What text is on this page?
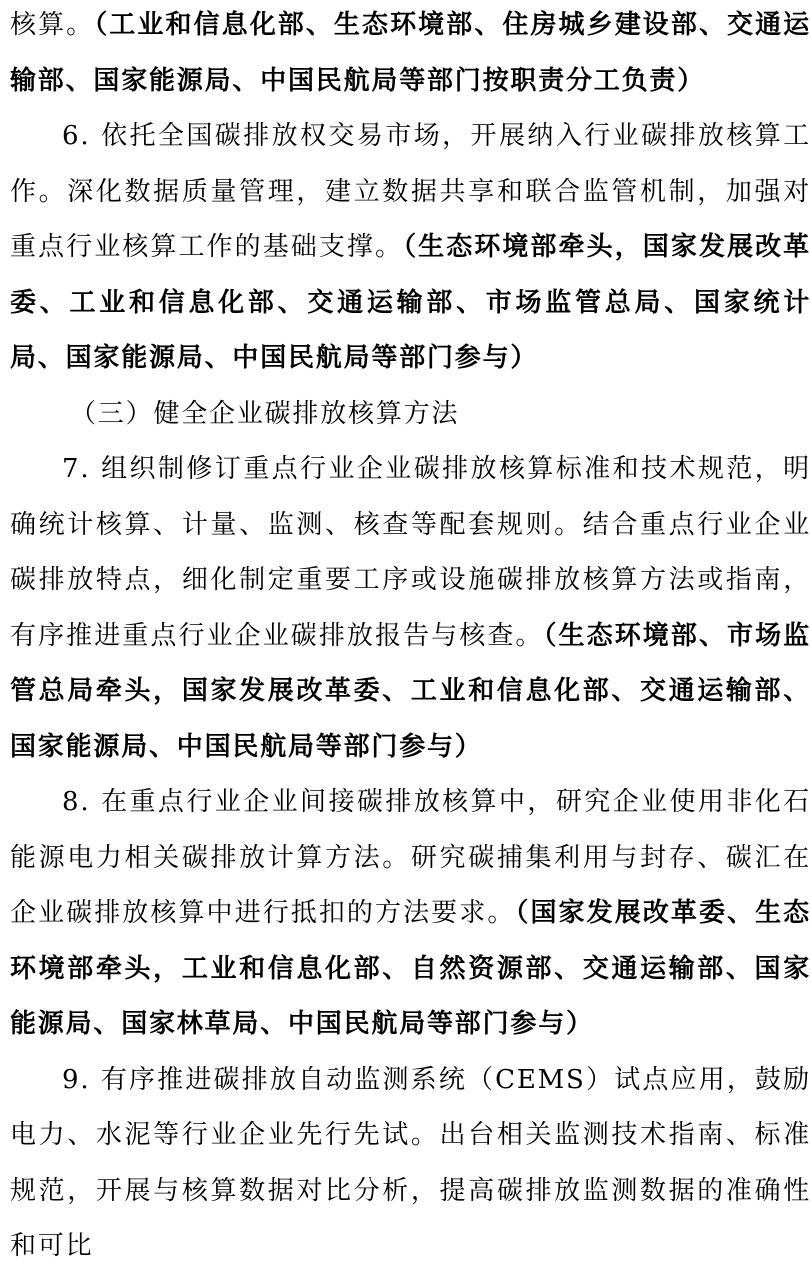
核算。（工业和信息化部、生态环境部、住房城乡建设部、交通运输部、国家能源局、中国民航局等部门按职责分工负责）

6. 依托全国碳排放权交易市场，开展纳入行业碳排放核算工作。深化数据质量管理，建立数据共享和联合监管机制，加强对重点行业核算工作的基础支撑。（生态环境部牵头，国家发展改革委、工业和信息化部、交通运输部、市场监管总局、国家统计局、国家能源局、中国民航局等部门参与）

（三）健全企业碳排放核算方法

7. 组织制修订重点行业企业碳排放核算标准和技术规范，明确统计核算、计量、监测、核查等配套规则。结合重点行业企业碳排放特点，细化制定重要工序或设施碳排放核算方法或指南，有序推进重点行业企业碳排放报告与核查。（生态环境部、市场监管总局牵头，国家发展改革委、工业和信息化部、交通运输部、国家能源局、中国民航局等部门参与）

8. 在重点行业企业间接碳排放核算中，研究企业使用非化石能源电力相关碳排放计算方法。研究碳捕集利用与封存、碳汇在企业碳排放核算中进行抵扣的方法要求。（国家发展改革委、生态环境部牵头，工业和信息化部、自然资源部、交通运输部、国家能源局、国家林草局、中国民航局等部门参与）

9. 有序推进碳排放自动监测系统（CEMS）试点应用，鼓励电力、水泥等行业企业先行先试。出台相关监测技术指南、标准规范，开展与核算数据对比分析，提高碳排放监测数据的准确性和可比
